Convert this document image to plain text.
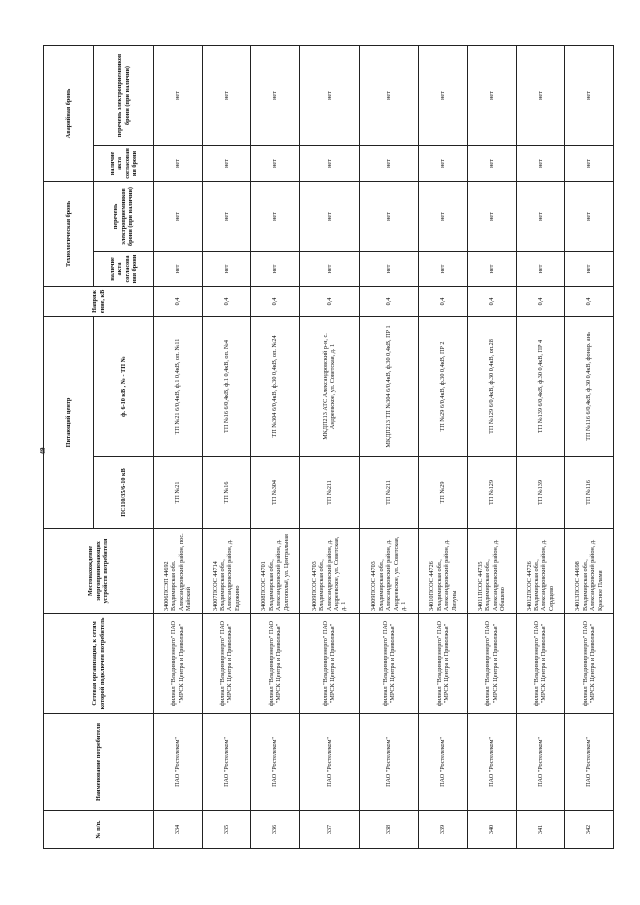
49
№ п/п.	Наименование потребителя	Сетевая организация, к сетям которой подключен потребитель	Местонахождение энергопринимающих устройств потребителя	Питающий центр		Напряжение, кВ	Технологическая бронь		Аварийная бронь	
				ПС110/35/6-10 кВ	ф. 6-10 кВ , № - ТП №		наличие акта согласования брони	перечень электроприемников брони (при наличии)	наличие акта согласования брони	перечень электроприемников брони (при наличии)

334	ПАО "Ростелеком"	филиал "Владимирэнерго" ПАО "МРСК Центра и Приволжья"	34006ПСЭП 44692 Владимирская обл. Александровский район, пос. Майский	ТП №21	ТП №21 6/0,4кВ, ф.1 0,4кВ, оп. №11	0,4	нет	нет	нет	нет
335	ПАО "Ростелеком"	филиал "Владимирэнерго" ПАО "МРСК Центра и Приволжья"	34007ПСОС 44714 Владимирская обл., Александровский район, д. Евдокино	ТП №16	ТП №16 6/0,4кВ, ф.1 0,4кВ, оп. №4	0,4	нет	нет	нет	нет
336	ПАО "Ростелеком"	филиал "Владимирэнерго" ПАО "МРСК Центра и Приволжья"	34008ПСОС 44701 Владимирская обл., Александровский район, д. Долгопольё, ул. Центральная	ТП №304	ТП №304 6/0,4кВ, ф.30 0,4кВ, оп. №24	0,4	нет	нет	нет	нет
337	ПАО "Ростелеком"	филиал "Владимирэнерго" ПАО "МРСК Центра и Приволжья"	34009ПСОС 44703 Владимирская обл., Александровский район, д. Андреевское, ул. Советская, д. 1	ТП №211	МКДП213 АТС Александровский р-н, с. Андреевское, ул. Советская, д. 1	0,4	нет	нет	нет	нет
338	ПАО "Ростелеком"	филиал "Владимирэнерго" ПАО "МРСК Центра и Приволжья"	34009ПСОС 44703 Владимирская обл., Александровский район, д. Андреевское, ул. Советская, д. 1	ТП №211	МКДП213 ТП №304 6/0,4кВ, ф.30 0,4кВ, ПР 1	0,4	нет	нет	нет	нет
339	ПАО "Ростелеком"	филиал "Владимирэнерго" ПАО "МРСК Центра и Приволжья"	34010ПСОС 44726 Владимирская обл., Александровский район, д. Лизуны	ТП №29	ТП №29 6/0,4кВ, ф.30 0,4кВ, ПР 2	0,4	нет	нет	нет	нет
340	ПАО "Ростелеком"	филиал "Владимирэнерго" ПАО "МРСК Центра и Приволжья"	34011ПСОС 44735 Владимирская обл., Александровский район, д. Обашево	ТП №129	ТП №129 6/0,4кВ, ф.30 0,4кВ, оп.28	0,4	нет	нет	нет	нет
341	ПАО "Ростелеком"	филиал "Владимирэнерго" ПАО "МРСК Центра и Приволжья"	34012ПСОС 44726 Владимирская обл., Александровский район, д. Сердцево	ТП №139	ТП №139 6/0,4кВ, ф.30 0,4кВ, ПР 4	0,4	нет	нет	нет	нет
342	ПАО "Ростелеком"	филиал "Владимирэнерго" ПАО "МРСК Центра и Приволжья"	34013ПСОС 44698 Владимирская обл., Александровский район, д. Красное Пламя	ТП №116	ТП №116 6/0,4кВ, ф.30 0,4кВ, фонар. ань	0,4	нет	нет	нет	нет
